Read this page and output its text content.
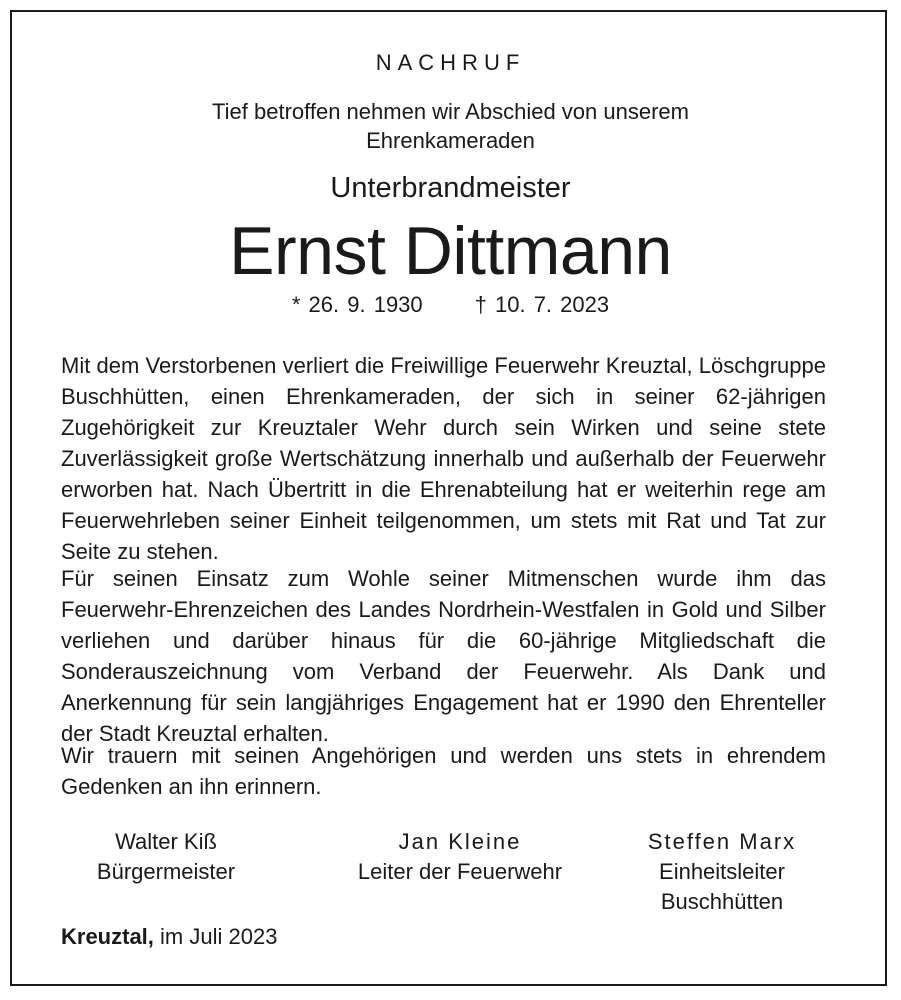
NACHRUF
Tief betroffen nehmen wir Abschied von unserem
Ehrenkameraden
Unterbrandmeister
Ernst Dittmann
* 26. 9. 1930 † 10. 7. 2023
Mit dem Verstorbenen verliert die Freiwillige Feuerwehr Kreuztal, Löschgruppe Buschhütten, einen Ehrenkameraden, der sich in seiner 62-jährigen Zugehörigkeit zur Kreuztaler Wehr durch sein Wirken und seine stete Zuverlässigkeit große Wertschätzung innerhalb und außerhalb der Feuerwehr erworben hat. Nach Übertritt in die Ehrenabteilung hat er weiterhin rege am Feuerwehrleben seiner Einheit teilgenommen, um stets mit Rat und Tat zur Seite zu stehen.
Für seinen Einsatz zum Wohle seiner Mitmenschen wurde ihm das Feuerwehr-Ehrenzeichen des Landes Nordrhein-Westfalen in Gold und Silber verliehen und darüber hinaus für die 60-jährige Mitgliedschaft die Sonderauszeichnung vom Verband der Feuerwehr. Als Dank und Anerkennung für sein langjähriges Engagement hat er 1990 den Ehrenteller der Stadt Kreuztal erhalten.
Wir trauern mit seinen Angehörigen und werden uns stets in ehrendem Gedenken an ihn erinnern.
Walter Kiß
Bürgermeister
Jan Kleine
Leiter der Feuerwehr
Steffen Marx
Einheitsleiter
Buschhütten
Kreuztal, im Juli 2023
